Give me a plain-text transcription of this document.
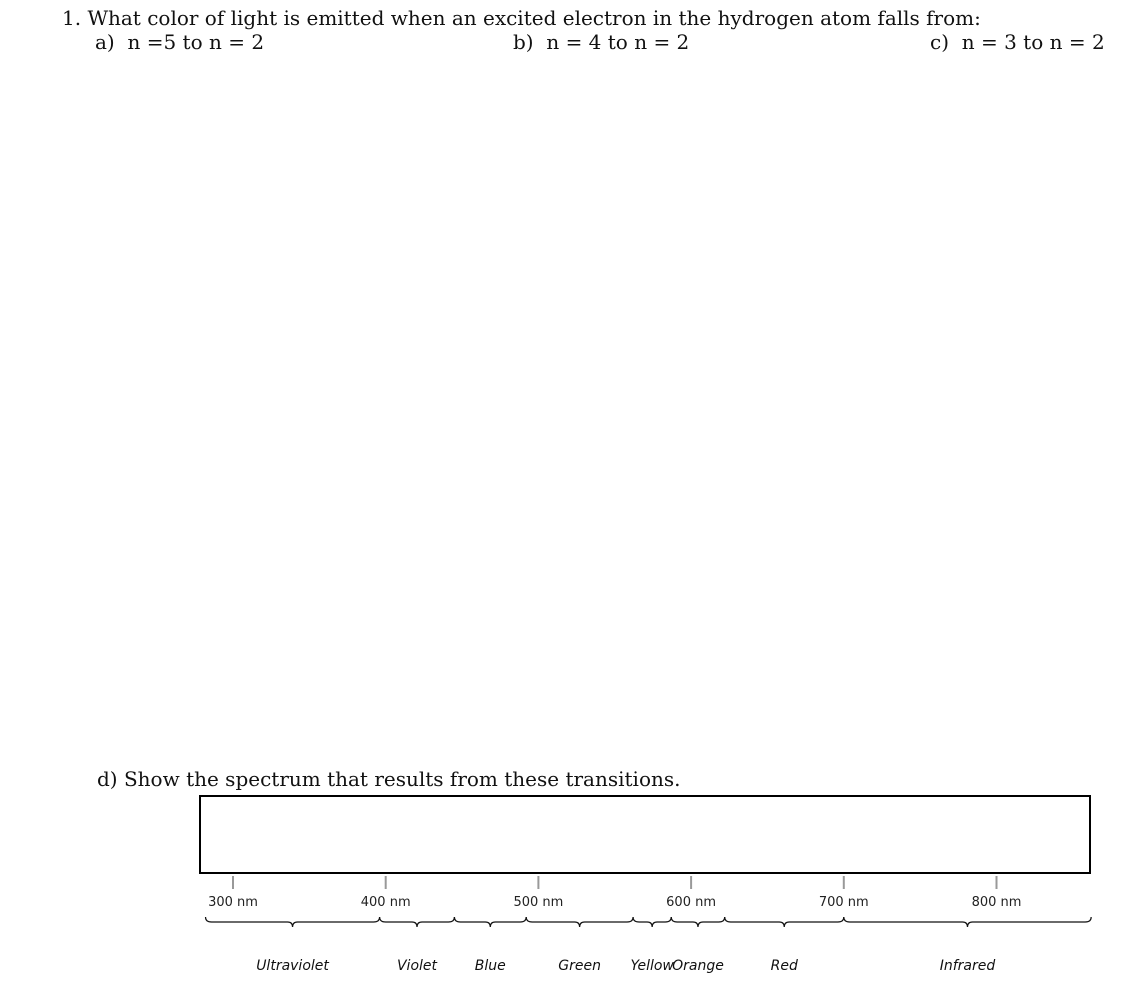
1. What color of light is emitted when an excited electron in the hydrogen atom falls from:
a) n =5 to n = 2	b) n = 4 to n = 2	c) n = 3 to n = 2
d) Show the spectrum that results from these transitions.
300 nm	400 nm	500 nm	600 nm	700 nm	800 nm
Ultraviolet	Violet	Blue	Green Yellow
Orange	Red	Infrared
